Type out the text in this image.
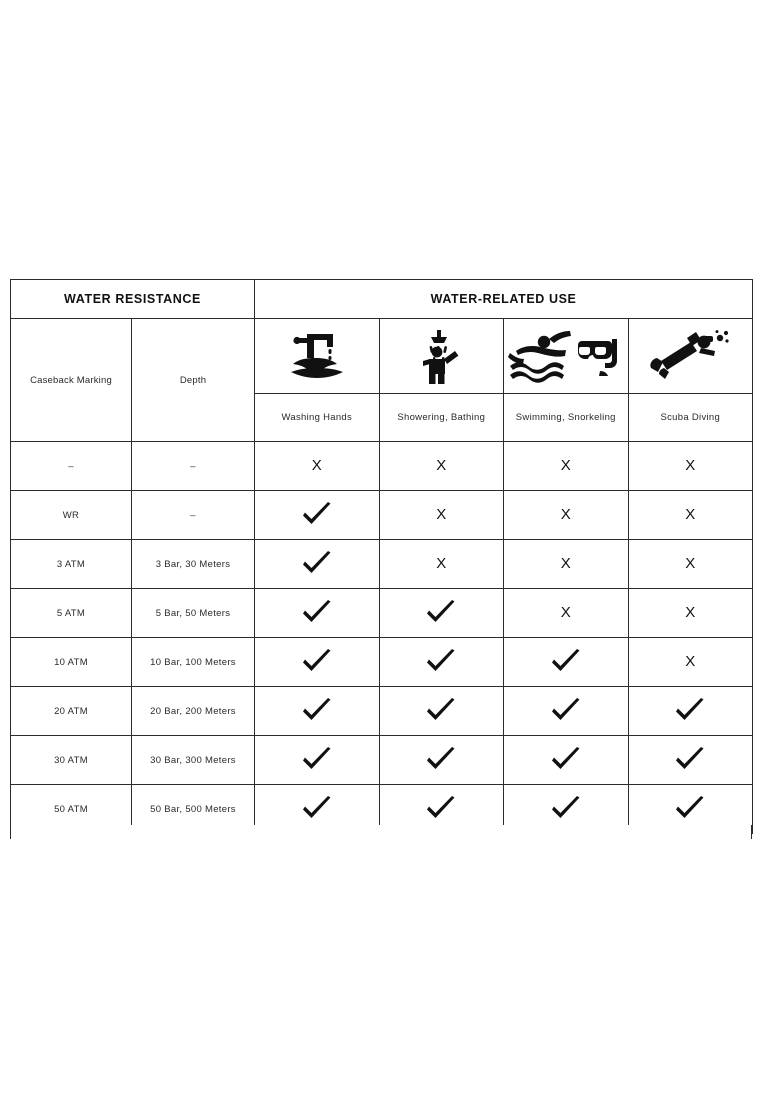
WATER RESISTANCE		WATER-RELATED USE			
Caseback Marking	Depth	

		Washing Hands	Showering, Bathing	Swimming, Snorkeling	Scuba Diving
–	–	X	X	X	X
WR	–		X	X	X
3 ATM	3 Bar, 30 Meters		X	X	X
5 ATM	5 Bar, 50 Meters			X	X
10 ATM	10 Bar, 100 Meters				X
20 ATM	20 Bar, 200 Meters	

30 ATM	30 Bar, 300 Meters	

50 ATM	50 Bar, 500 Meters	
